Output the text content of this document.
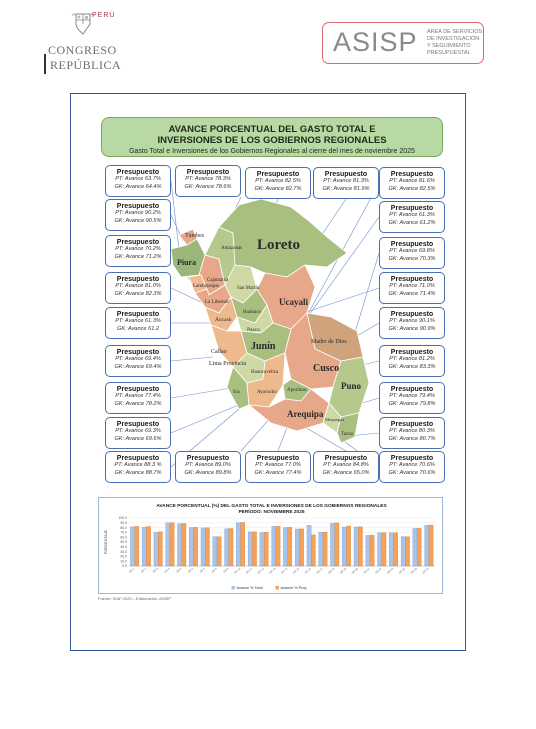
PERÚ
CONGRESO
REPÚBLICA
ASISP ÁREA DE SERVICIOS DE INVESTIGACIÓN Y SEGUIMIENTO PRESUPUESTAL
Tumbes
Piura
Loreto
Ucayali
Junín
Callao
Lima Provincia
Pasco
Madre de Dios
Cusco
Puno
Arequipa
Ica	Ayacucho Apurímac
Huánuco
Áncash
San Martín
Lambayeque
La Libertad
Cajamarca
Amazonas
Huancavelica
Moquegua
Tacna
AVANCE PORCENTUAL DEL GASTO TOTAL E INVERSIONES DE LOS GOBIERNOS REGIONALES
Gasto Total e Inversiones de los Gobiernos Regionales al cierre del mes de noviembre 2025
Presupuesto
PT: Avance 63.7%
GK: Avance 64.4%
Presupuesto
PT: Avance 78.3%
GK: Avance 78.6%
Presupuesto
PT: Avance 82.5%
GK: Avance 82.7%
Presupuesto
PT: Avance 81.3%
GK: Avance 81.9%
Presupuesto
PT: Avance 81.6%
GK: Avance 82.5%
Presupuesto
PT: Avance 90.2%
GK: Avance 90.5%
Presupuesto
PT: Avance 61.3%
GK: Avance 61.2%
Presupuesto
PT: Avance 70.2%
GK: Avance 71.2%
Presupuesto
PT: Avance 69.8%
GK: Avance 70.3%
Presupuesto
PT: Avance 81.0%
GK: Avance 82.3%
Presupuesto
PT: Avance 71.0%
GK: Avance 71.4%
Presupuesto
PT: Avance 61.3%
GK: Avance 61.2
Presupuesto
PT: Avance 90.1%
GK: Avance 90.9%
Presupuesto
PT: Avance 69.4%
GK: Avance 69.4%
Presupuesto
PT: Avance 81.2%
GK: Avance 83.3%
Presupuesto
PT: Avance 77.4%
GK: Avance 78.2%
Presupuesto
PT: Avance 79.4%
GK: Avance 79.8%
Presupuesto
PT: Avance 69.3%
GK: Avance 69.6%
Presupuesto
PT: Avance 80.3%
GK: Avance 80.7%
Presupuesto
PT: Avance 88.3 %
GK: Avance 88.7%
Presupuesto
PT: Avance 89.0%
GK: Avance 89.8%
Presupuesto
PT: Avance 77.0%
GK: Avance 77.4%
Presupuesto
PT: Avance 84.8%
GK: Avance 65.0%
Presupuesto
PT: Avance 70.6%
GK: Avance 70.6%
AVANCE PORCENTUAL (%) DEL GASTO TOTAL E INVERSIONES DE LOS GOBIERNOS REGIONALES
PERÍODO: NOVIEMBRE 2025
PORCENTAJE
0.0
10.0
20.0
30.0
40.0
50.0
60.0
70.0
80.0
90.0
100.0
GR 1 GR 2 GR 3 GR 4 GR 5 GR 6 GR 7 GR 8 GR 9 GR 10 GR 11 GR 12 GR 13 GR 14 GR 15 GR 16 GR 17 GR 18 GR 19 GR 20 GR 21 GR 22 GR 23 GR 24 GR 25 GR 26
Avance % Total	Avance % Proy.
Fuente: SIAF 2025 – Elaboración: ASISP
